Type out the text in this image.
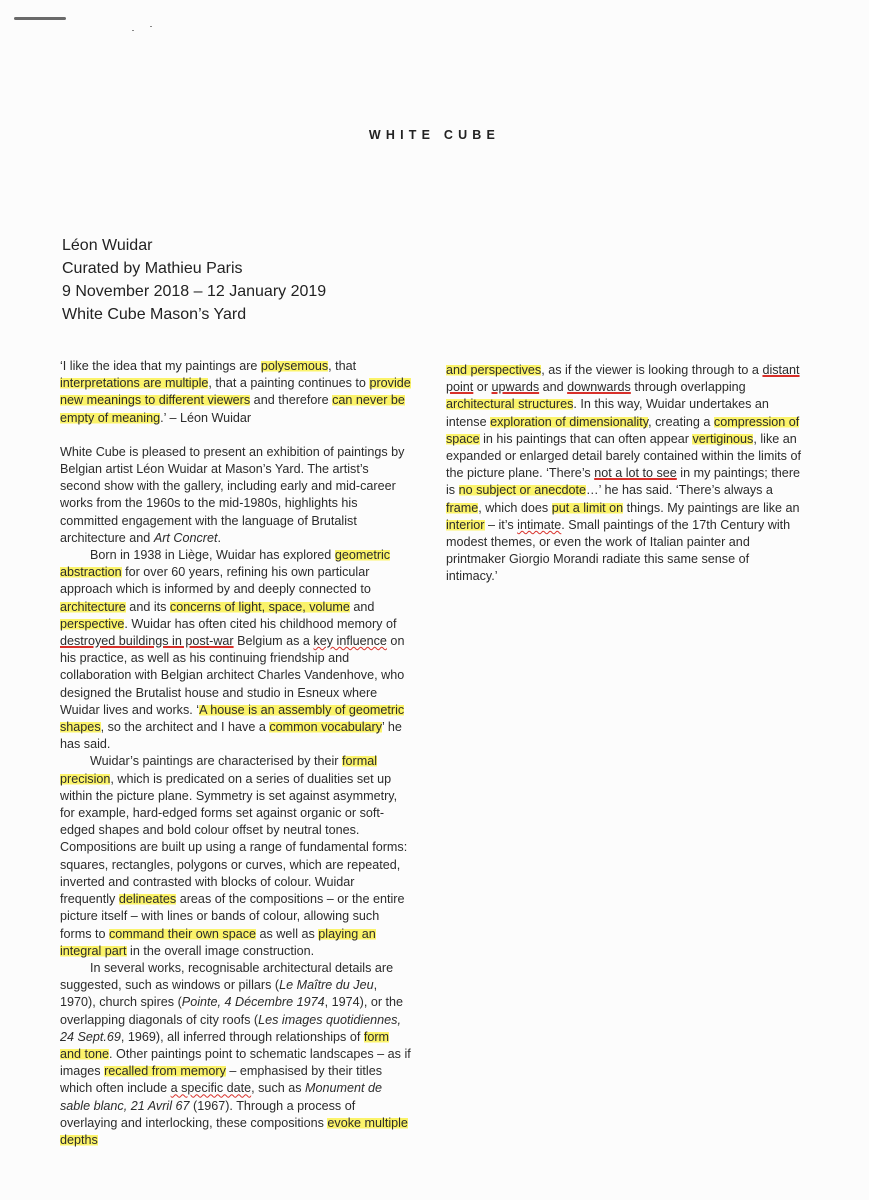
WHITE CUBE
Léon Wuidar
Curated by Mathieu Paris
9 November 2018 – 12 January 2019
White Cube Mason’s Yard

‘I like the idea that my paintings are polysemous, that interpretations are multiple, that a painting continues to provide new meanings to different viewers and therefore can never be empty of meaning.’ – Léon Wuidar

White Cube is pleased to present an exhibition of paintings by Belgian artist Léon Wuidar at Mason’s Yard. The artist’s second show with the gallery, including early and mid-career works from the 1960s to the mid-1980s, highlights his committed engagement with the language of Brutalist architecture and Art Concret.

Born in 1938 in Liège, Wuidar has explored geometric abstraction for over 60 years, refining his own particular approach which is informed by and deeply connected to architecture and its concerns of light, space, volume and perspective. Wuidar has often cited his childhood memory of destroyed buildings in post-war Belgium as a key influence on his practice, as well as his continuing friendship and collaboration with Belgian architect Charles Vandenhove, who designed the Brutalist house and studio in Esneux where Wuidar lives and works. ‘A house is an assembly of geometric shapes, so the architect and I have a common vocabulary’ he has said.

Wuidar’s paintings are characterised by their formal precision, which is predicated on a series of dualities set up within the picture plane. Symmetry is set against asymmetry, for example, hard-edged forms set against organic or soft-edged shapes and bold colour offset by neutral tones. Compositions are built up using a range of fundamental forms: squares, rectangles, polygons or curves, which are repeated, inverted and contrasted with blocks of colour. Wuidar frequently delineates areas of the compositions – or the entire picture itself – with lines or bands of colour, allowing such forms to command their own space as well as playing an integral part in the overall image construction.

In several works, recognisable architectural details are suggested, such as windows or pillars (Le Maître du Jeu, 1970), church spires (Pointe, 4 Décembre 1974, 1974), or the overlapping diagonals of city roofs (Les images quotidiennes, 24 Sept.69, 1969), all inferred through relationships of form and tone. Other paintings point to schematic landscapes – as if images recalled from memory – emphasised by their titles which often include a specific date, such as Monument de sable blanc, 21 Avril 67 (1967). Through a process of overlaying and interlocking, these compositions evoke multiple depths

and perspectives, as if the viewer is looking through to a distant point or upwards and downwards through overlapping architectural structures. In this way, Wuidar undertakes an intense exploration of dimensionality, creating a compression of space in his paintings that can often appear vertiginous, like an expanded or enlarged detail barely contained within the limits of the picture plane. ‘There’s not a lot to see in my paintings; there is no subject or anecdote…’ he has said. ‘There’s always a frame, which does put a limit on things. My paintings are like an interior – it’s intimate. Small paintings of the 17th Century with modest themes, or even the work of Italian painter and printmaker Giorgio Morandi radiate this same sense of intimacy.’
